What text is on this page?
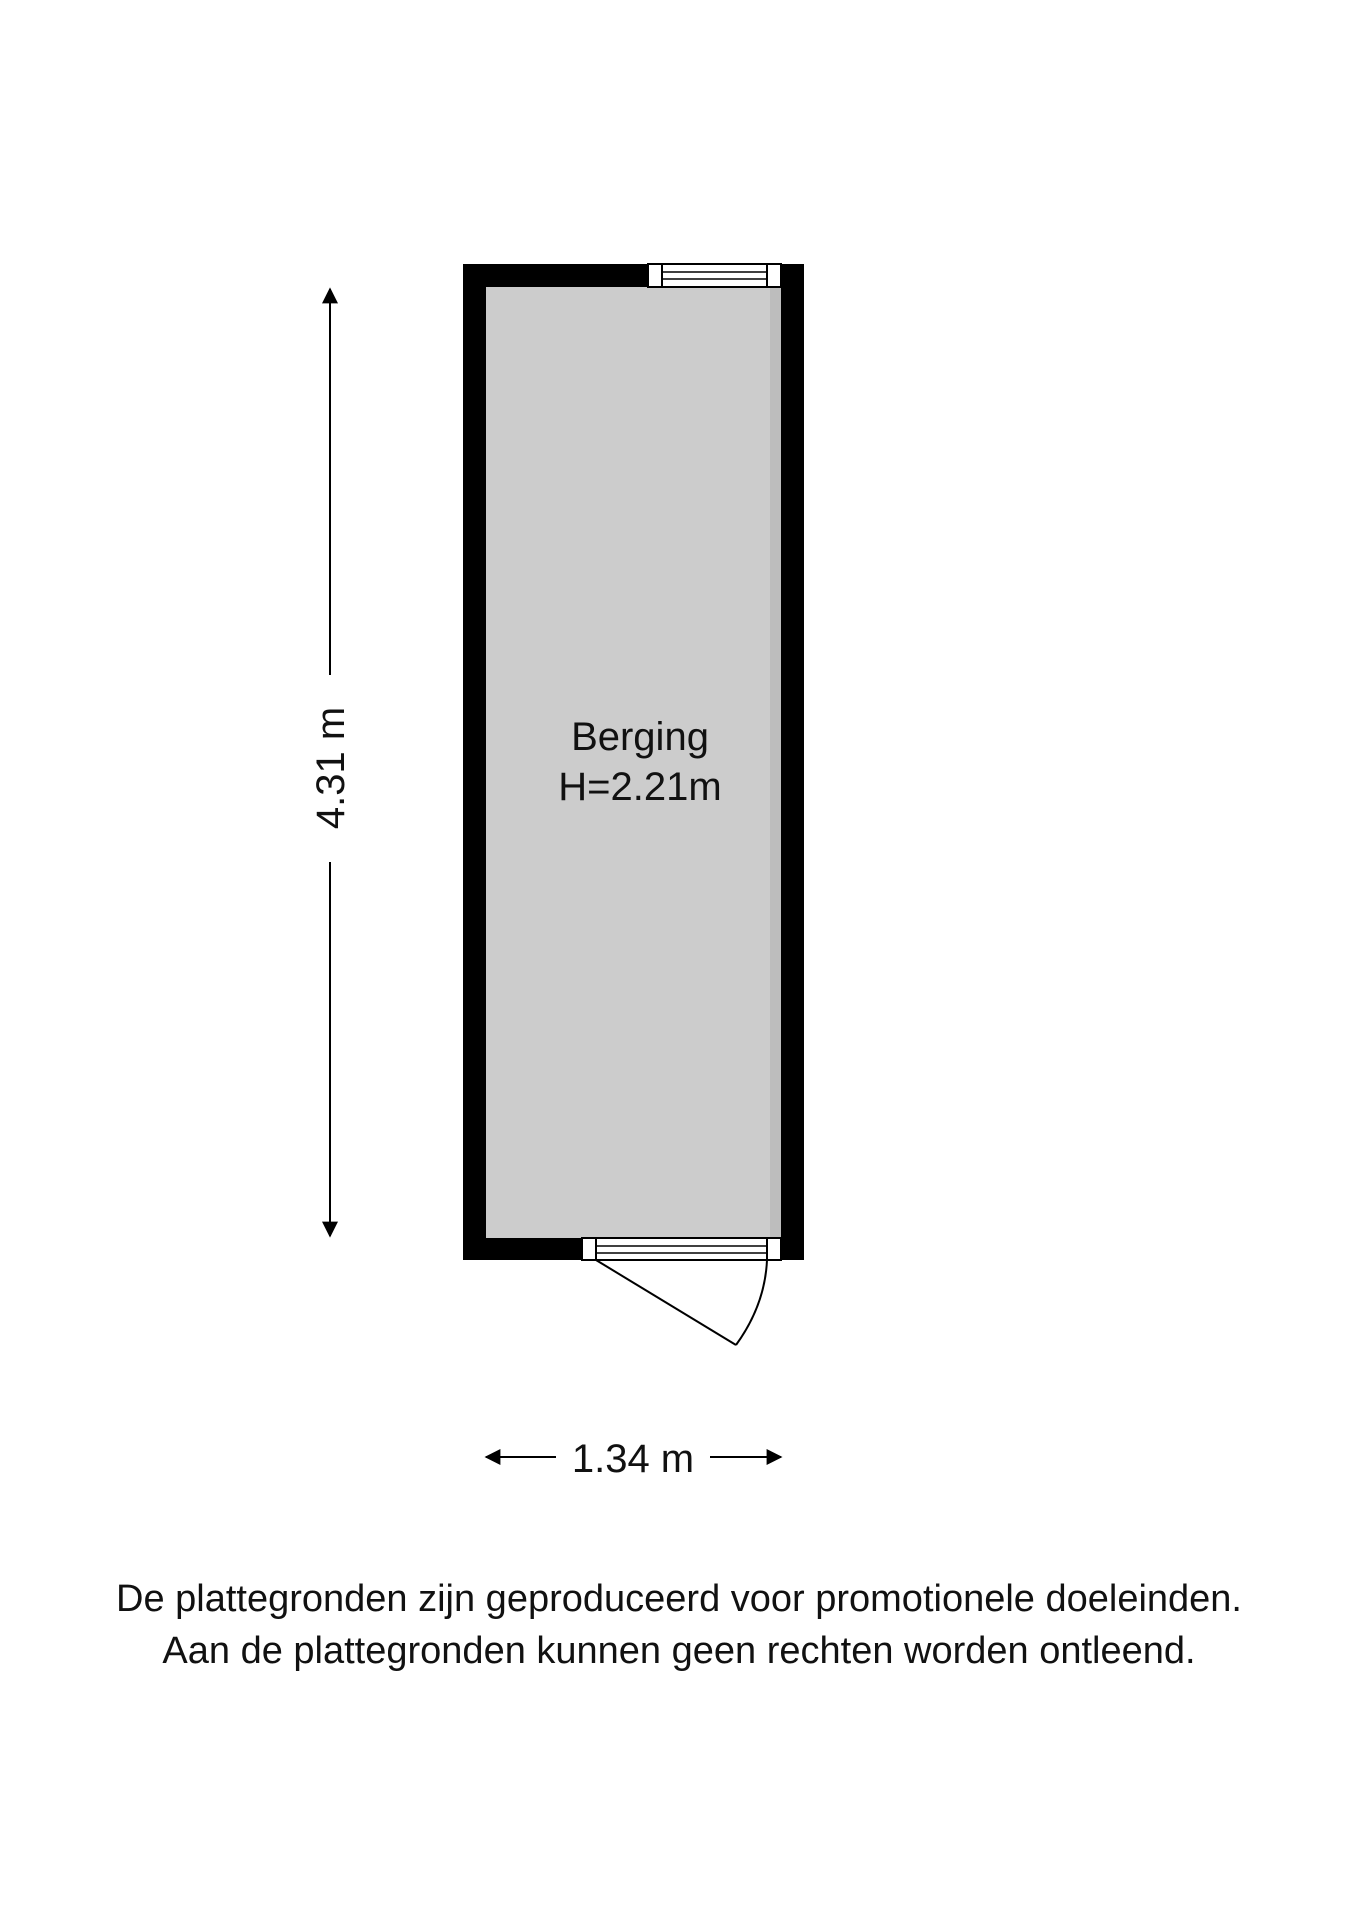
4.31 m
1.34 m
Berging
H=2.21m
De plattegronden zijn geproduceerd voor promotionele doeleinden.
Aan de plattegronden kunnen geen rechten worden ontleend.
